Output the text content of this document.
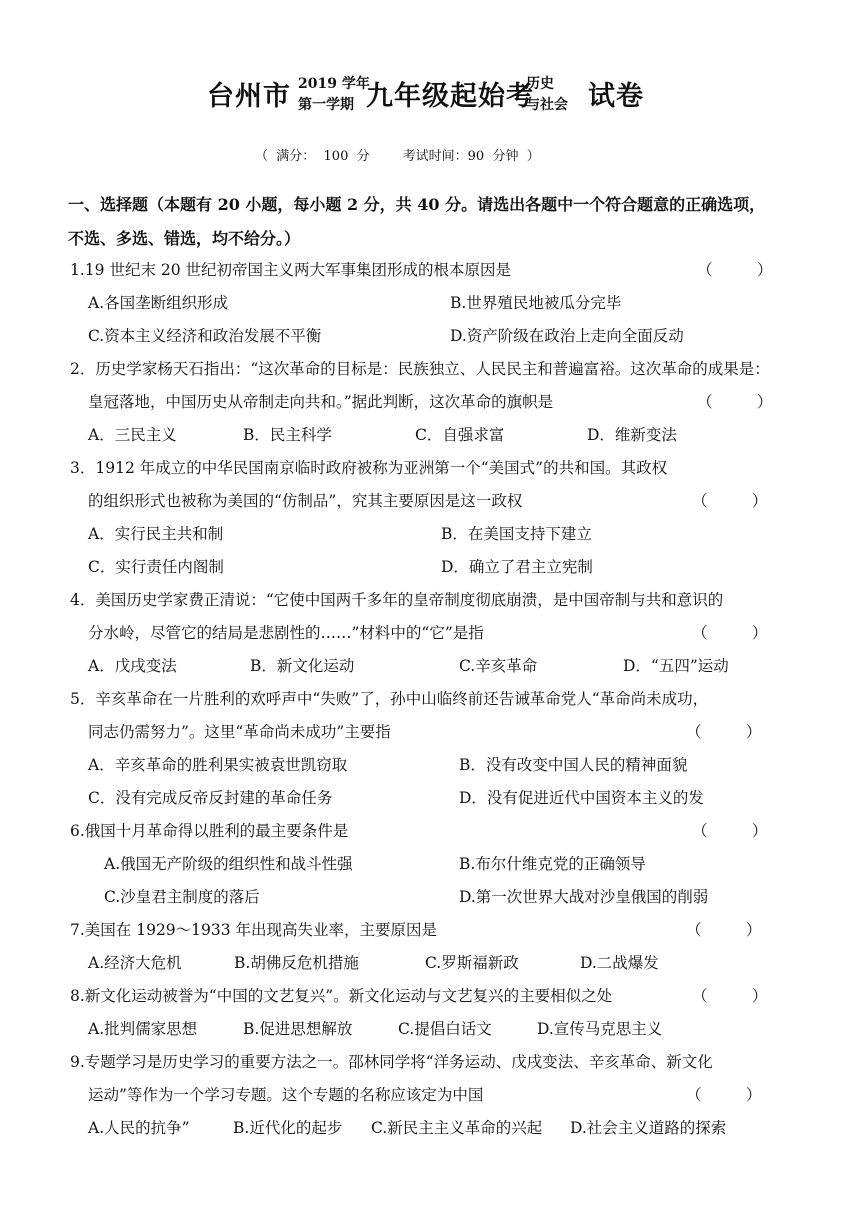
台州市 2019 学年
第一学期 九年级起始考
历史
与社会 试卷
（  满分：  100  分        考试时间：90  分钟  ）
一、选择题（本题有 20 小题，每小题 2 分，共 40 分。请选出各题中一个符合题意的正确选项，
不选、多选、错选，均不给分。）
1.19 世纪末 20 世纪初帝国主义两大军事集团形成的根本原因是	（         ）
A.各国垄断组织形成	B.世界殖民地被瓜分完毕
C.资本主义经济和政治发展不平衡	D.资产阶级在政治上走向全面反动
2．历史学家杨天石指出：“这次革命的目标是：民族独立、人民民主和普遍富裕。这次革命的成果是：
皇冠落地，中国历史从帝制走向共和。”据此判断，这次革命的旗帜是	（         ）
A．三民主义	B．民主科学	C．自强求富	D．维新变法
3．1912 年成立的中华民国南京临时政府被称为亚洲第一个“美国式”的共和国。其政权
的组织形式也被称为美国的“仿制品”，究其主要原因是这一政权	（         ）
A．实行民主共和制	B．在美国支持下建立
C．实行责任内阁制	D．确立了君主立宪制
4．美国历史学家费正清说：“它使中国两千多年的皇帝制度彻底崩溃，是中国帝制与共和意识的
分水岭，尽管它的结局是悲剧性的……”材料中的“它”是指	（         ）
A．戊戌变法	B．新文化运动	C.辛亥革命	D．“五四”运动
5．辛亥革命在一片胜利的欢呼声中“失败”了，孙中山临终前还告诫革命党人“革命尚未成功，
同志仍需努力”。这里“革命尚未成功”主要指	（         ）
A．辛亥革命的胜利果实被袁世凯窃取	B．没有改变中国人民的精神面貌
C．没有完成反帝反封建的革命任务	D．没有促进近代中国资本主义的发
6.俄国十月革命得以胜利的最主要条件是	（         ）
A.俄国无产阶级的组织性和战斗性强	B.布尔什维克党的正确领导
C.沙皇君主制度的落后	D.第一次世界大战对沙皇俄国的削弱
7.美国在 1929～1933 年出现高失业率，主要原因是	（         ）
A.经济大危机	B.胡佛反危机措施	C.罗斯福新政	D.二战爆发
8.新文化运动被誉为“中国的文艺复兴”。新文化运动与文艺复兴的主要相似之处	（         ）
A.批判儒家思想	B.促进思想解放	C.提倡白话文	D.宣传马克思主义
9.专题学习是历史学习的重要方法之一。邵林同学将“洋务运动、戊戌变法、辛亥革命、新文化
运动”等作为一个学习专题。这个专题的名称应该定为中国	（         ）
A.人民的抗争”	B.近代化的起步 C.新民主主义革命的兴起 D.社会主义道路的探索
